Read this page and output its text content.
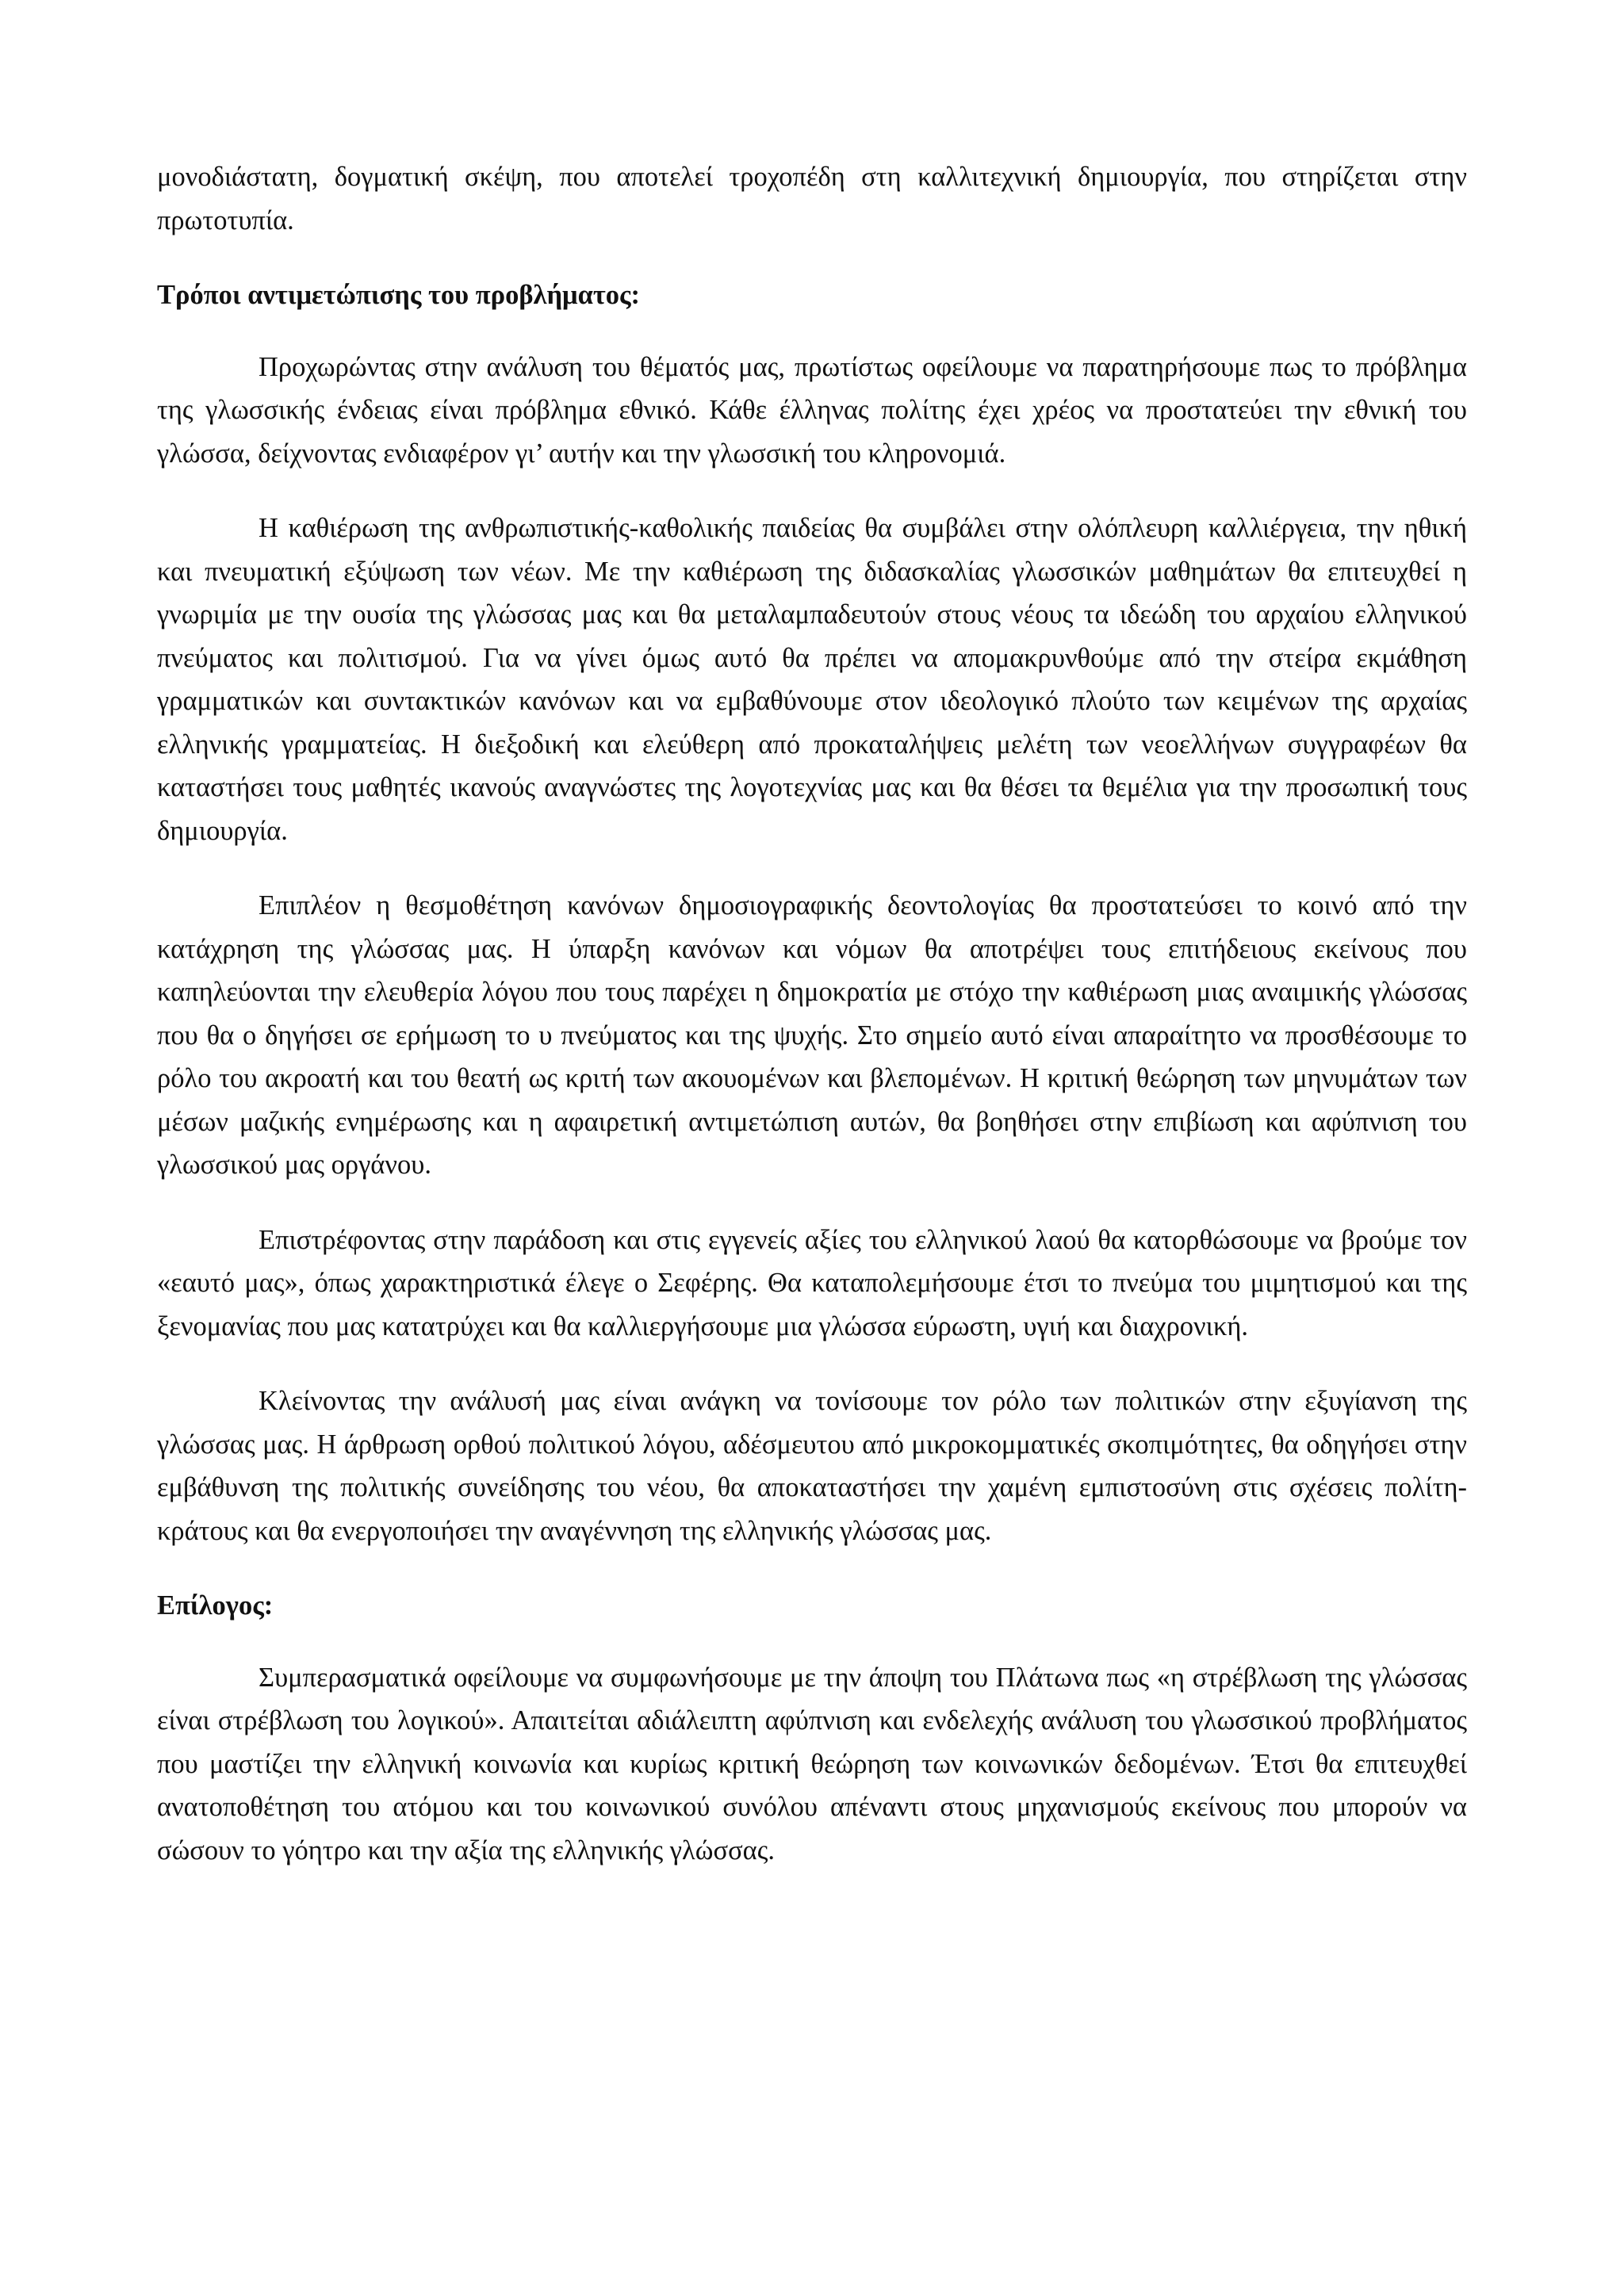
μονοδιάστατη, δογματική σκέψη, που αποτελεί τροχοπέδη στη καλλιτεχνική δημιουργία, που στηρίζεται στην πρωτοτυπία.

Τρόποι αντιμετώπισης του προβλήματος:

Προχωρώντας στην ανάλυση του θέματός μας, πρωτίστως οφείλουμε να παρατηρήσουμε πως το πρόβλημα της γλωσσικής ένδειας είναι πρόβλημα εθνικό. Κάθε έλληνας πολίτης έχει χρέος να προστατεύει την εθνική του γλώσσα, δείχνοντας ενδιαφέρον γι’ αυτήν και την γλωσσική του κληρονομιά.

Η καθιέρωση της ανθρωπιστικής-καθολικής παιδείας θα συμβάλει στην ολόπλευρη καλλιέργεια, την ηθική και πνευματική εξύψωση των νέων. Με την καθιέρωση της διδασκαλίας γλωσσικών μαθημάτων θα επιτευχθεί η γνωριμία με την ουσία της γλώσσας μας και θα μεταλαμπαδευτούν στους νέους τα ιδεώδη του αρχαίου ελληνικού πνεύματος και πολιτισμού. Για να γίνει όμως αυτό θα πρέπει να απομακρυνθούμε από την στείρα εκμάθηση γραμματικών και συντακτικών κανόνων και να εμβαθύνουμε στον ιδεολογικό πλούτο των κειμένων της αρχαίας ελληνικής γραμματείας. Η διεξοδική και ελεύθερη από προκαταλήψεις μελέτη των νεοελλήνων συγγραφέων θα καταστήσει τους μαθητές ικανούς αναγνώστες της λογοτεχνίας μας και θα θέσει τα θεμέλια για την προσωπική τους δημιουργία.

Επιπλέον η θεσμοθέτηση κανόνων δημοσιογραφικής δεοντολογίας θα προστατεύσει το κοινό από την κατάχρηση της γλώσσας μας. Η ύπαρξη κανόνων και νόμων θα αποτρέψει τους επιτήδειους εκείνους που καπηλεύονται την ελευθερία λόγου που τους παρέχει η δημοκρατία με στόχο την καθιέρωση μιας αναιμικής γλώσσας που θα ο δηγήσει σε ερήμωση το υ πνεύματος και της ψυχής. Στο σημείο αυτό είναι απαραίτητο να προσθέσουμε το ρόλο του ακροατή και του θεατή ως κριτή των ακουομένων και βλεπομένων. Η κριτική θεώρηση των μηνυμάτων των μέσων μαζικής ενημέρωσης και η αφαιρετική αντιμετώπιση αυτών, θα βοηθήσει στην επιβίωση και αφύπνιση του γλωσσικού μας οργάνου.

Επιστρέφοντας στην παράδοση και στις εγγενείς αξίες του ελληνικού λαού θα κατορθώσουμε να βρούμε τον «εαυτό μας», όπως χαρακτηριστικά έλεγε ο Σεφέρης. Θα καταπολεμήσουμε έτσι το πνεύμα του μιμητισμού και της ξενομανίας που μας κατατρύχει και θα καλλιεργήσουμε μια γλώσσα εύρωστη, υγιή και διαχρονική.

Κλείνοντας την ανάλυσή μας είναι ανάγκη να τονίσουμε τον ρόλο των πολιτικών στην εξυγίανση της γλώσσας μας. Η άρθρωση ορθού πολιτικού λόγου, αδέσμευτου από μικροκομματικές σκοπιμότητες, θα οδηγήσει στην εμβάθυνση της πολιτικής συνείδησης του νέου, θα αποκαταστήσει την χαμένη εμπιστοσύνη στις σχέσεις πολίτη-κράτους και θα ενεργοποιήσει την αναγέννηση της ελληνικής γλώσσας μας.

Επίλογος:

Συμπερασματικά οφείλουμε να συμφωνήσουμε με την άποψη του Πλάτωνα πως «η στρέβλωση της γλώσσας είναι στρέβλωση του λογικού». Απαιτείται αδιάλειπτη αφύπνιση και ενδελεχής ανάλυση του γλωσσικού προβλήματος που μαστίζει την ελληνική κοινωνία και κυρίως κριτική θεώρηση των κοινωνικών δεδομένων. Έτσι θα επιτευχθεί ανατοποθέτηση του ατόμου και του κοινωνικού συνόλου απέναντι στους μηχανισμούς εκείνους που μπορούν να σώσουν το γόητρο και την αξία της ελληνικής γλώσσας.
